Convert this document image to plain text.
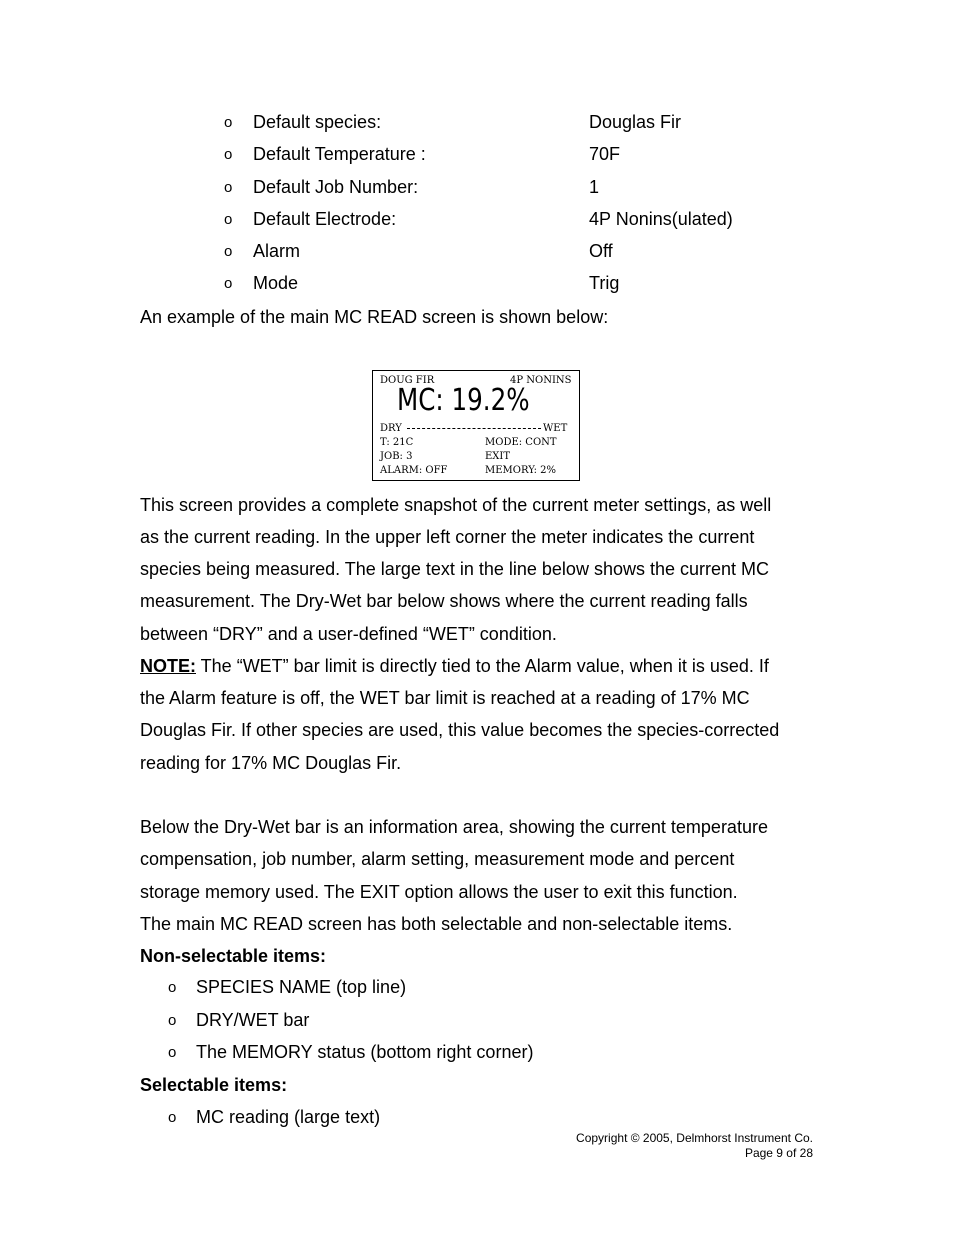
o Default species:	Douglas Fir
o Default Temperature :	70F
o Default Job Number:	1
o Default Electrode:	4P Nonins(ulated)
o Alarm	Off
o Mode	Trig
An example of the main MC READ screen is shown below:
DOUG FIR	4P NONINS
MC: 19.2%
DRY	WET
T: 21C	MODE: CONT
JOB: 3	EXIT
ALARM: OFF	MEMORY: 2%
This screen provides a complete snapshot of the current meter settings, as well
as the current reading. In the upper left corner the meter indicates the current
species being measured. The large text in the line below shows the current MC
measurement. The Dry-Wet bar below shows where the current reading falls
between “DRY” and a user-defined “WET” condition.
NOTE: The “WET” bar limit is directly tied to the Alarm value, when it is used. If
the Alarm feature is off, the WET bar limit is reached at a reading of 17% MC
Douglas Fir. If other species are used, this value becomes the species-corrected
reading for 17% MC Douglas Fir.
Below the Dry-Wet bar is an information area, showing the current temperature
compensation, job number, alarm setting, measurement mode and percent
storage memory used. The EXIT option allows the user to exit this function.
The main MC READ screen has both selectable and non-selectable items.
Non-selectable items:
o SPECIES NAME (top line)
o DRY/WET bar
o The MEMORY status (bottom right corner)
Selectable items:
o MC reading (large text)
Copyright © 2005, Delmhorst Instrument Co.
Page 9 of 28
